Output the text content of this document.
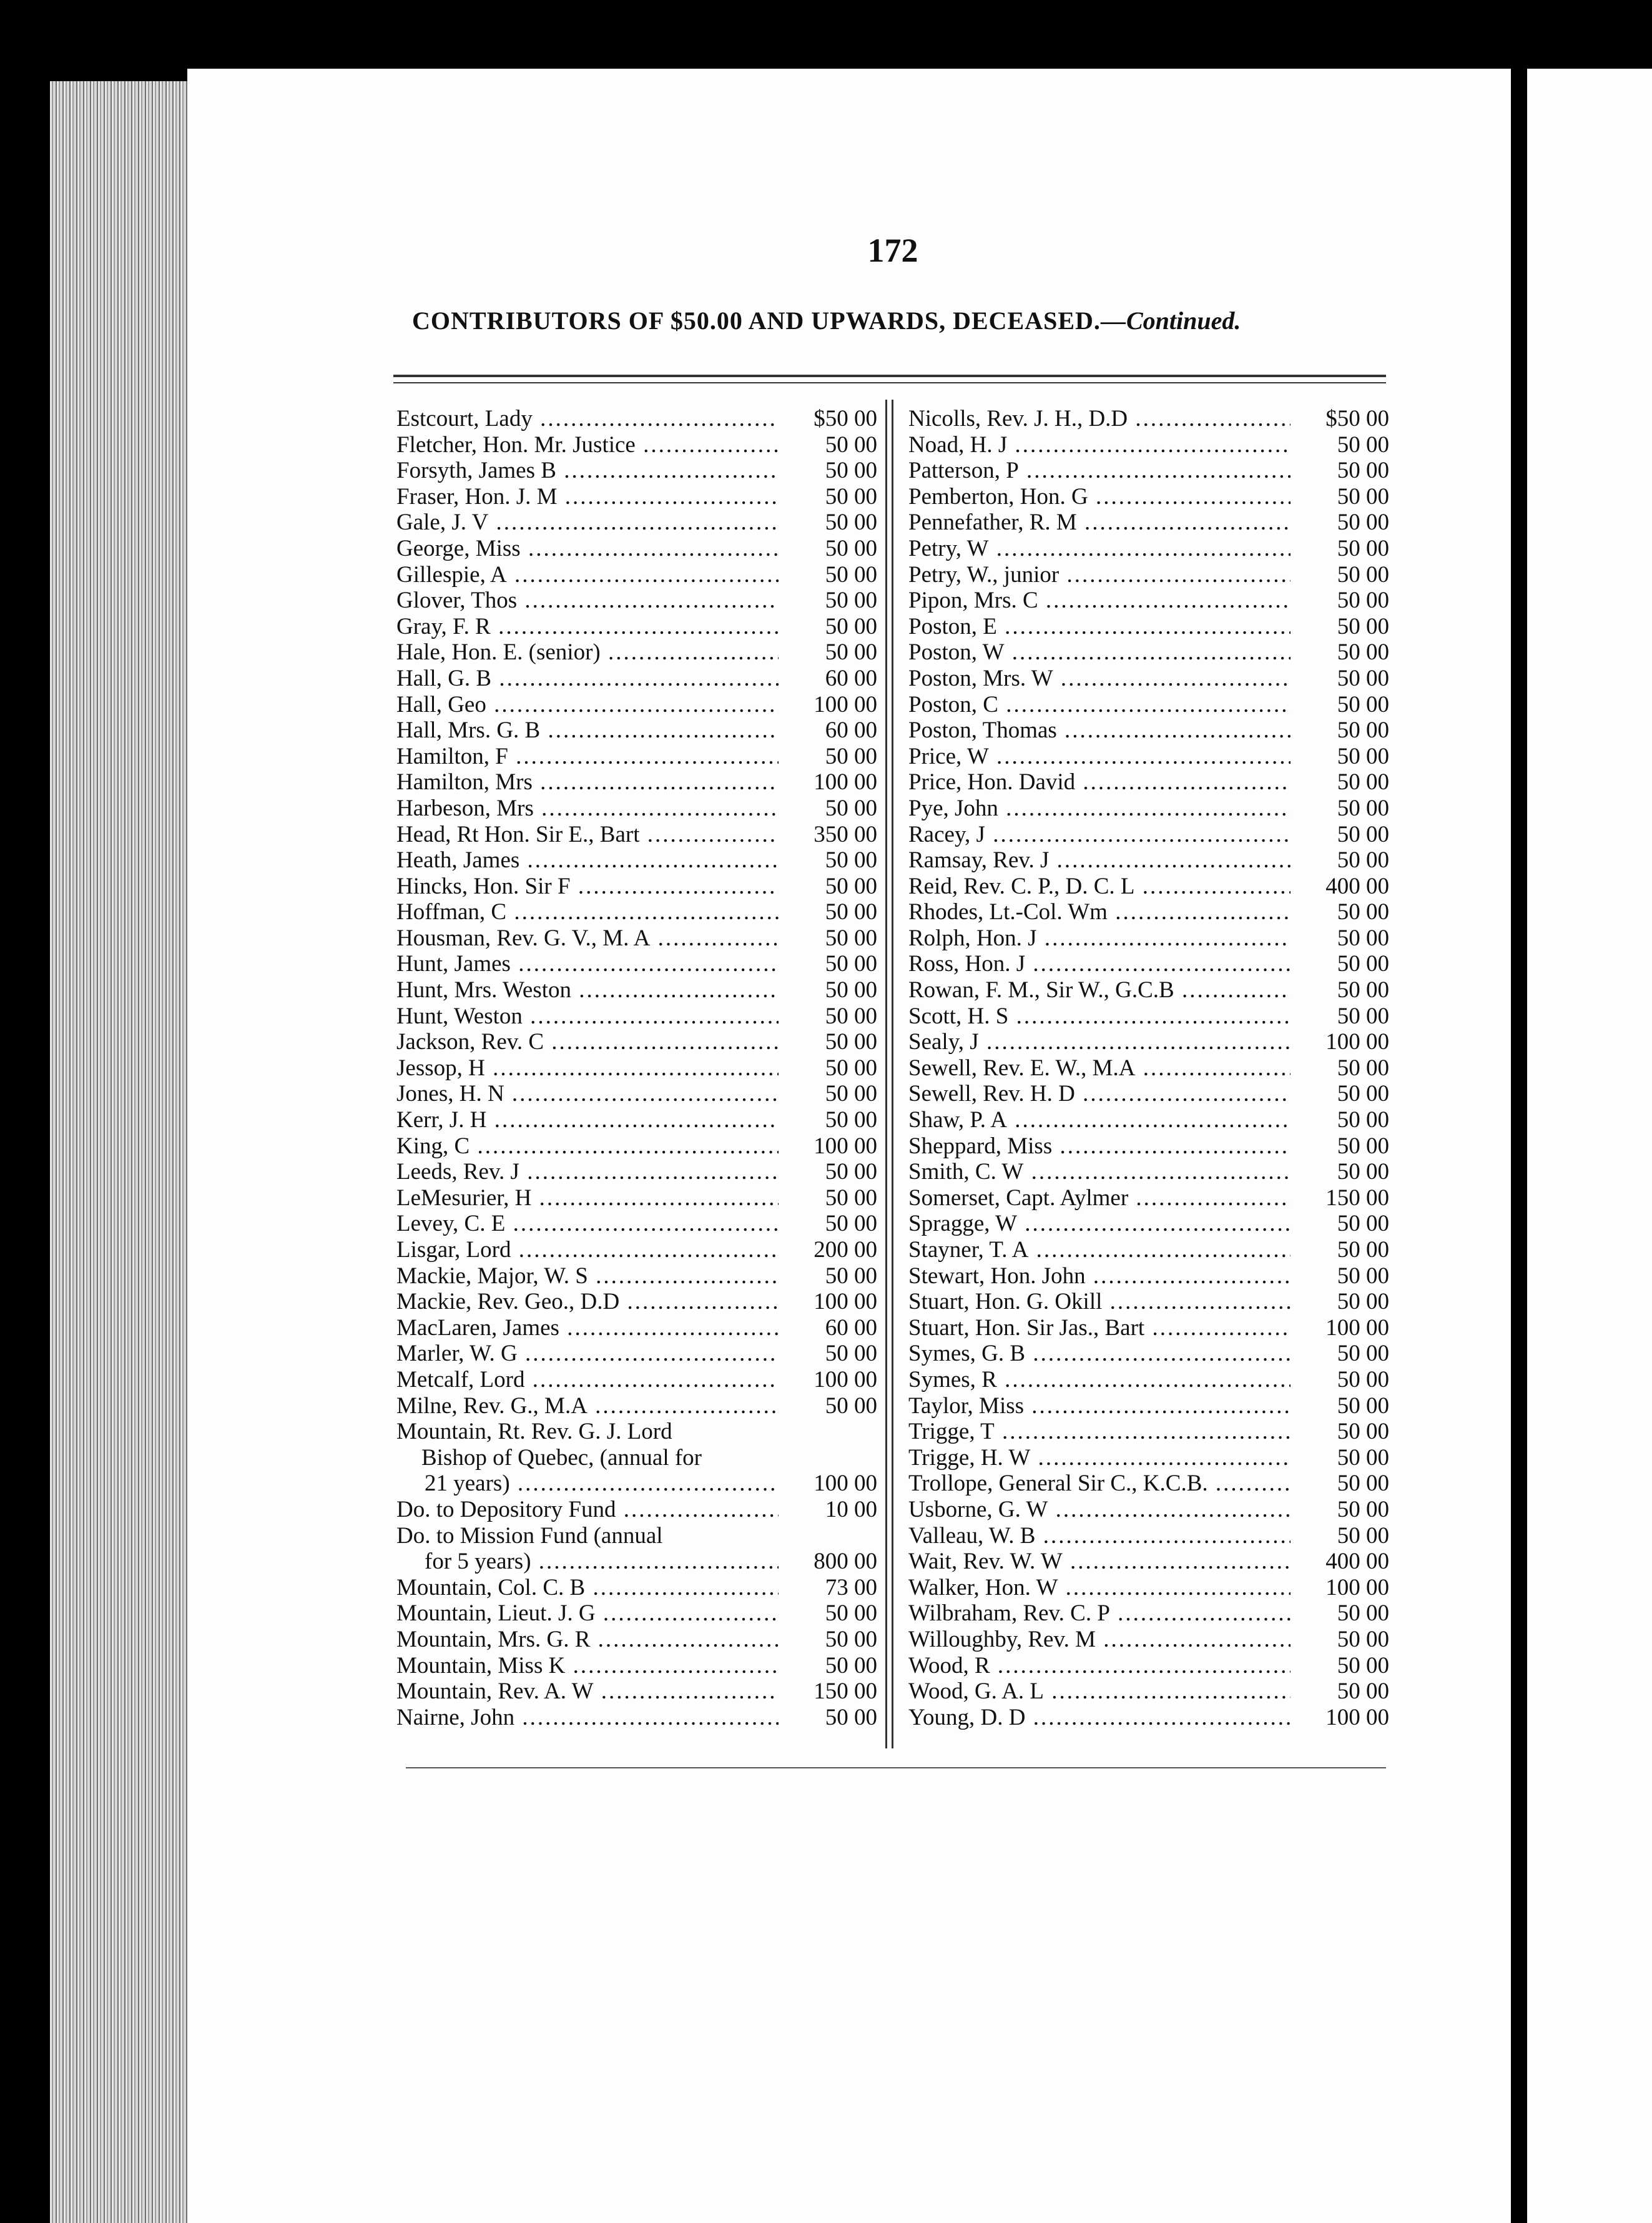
172
CONTRIBUTORS OF $50.00 AND UPWARDS, DECEASED.—Continued.
Estcourt, Lady .....	$50 00
Fletcher, Hon. Mr. Justice .....	50 00
Forsyth, James B .....	50 00
Fraser, Hon. J. M .....	50 00
Gale, J. V .....	50 00
George, Miss .....	50 00
Gillespie, A .....	50 00
Glover, Thos .....	50 00
Gray, F. R .....	50 00
Hale, Hon. E. (senior) .....	50 00
Hall, G. B .....	60 00
Hall, Geo .....	100 00
Hall, Mrs. G. B .....	60 00
Hamilton, F .....	50 00
Hamilton, Mrs .....	100 00
Harbeson, Mrs .....	50 00
Head, Rt Hon. Sir E., Bart .....	350 00
Heath, James .....	50 00
Hincks, Hon. Sir F .....	50 00
Hoffman, C .....	50 00
Housman, Rev. G. V., M. A .....	50 00
Hunt, James .....	50 00
Hunt, Mrs. Weston .....	50 00
Hunt, Weston .....	50 00
Jackson, Rev. C .....	50 00
Jessop, H .....	50 00
Jones, H. N .....	50 00
Kerr, J. H .....	50 00
King, C .....	100 00
Leeds, Rev. J .....	50 00
LeMesurier, H .....	50 00
Levey, C. E .....	50 00
Lisgar, Lord .....	200 00
Mackie, Major, W. S .....	50 00
Mackie, Rev. Geo., D.D .....	100 00
MacLaren, James .....	60 00
Marler, W. G .....	50 00
Metcalf, Lord .....	100 00
Milne, Rev. G., M.A .....	50 00
Mountain, Rt. Rev. G. J. Lord
Bishop of Quebec, (annual for
21 years) .....	100 00
Do. to Depository Fund .....	10 00
Do. to Mission Fund (annual
for 5 years) .....	800 00
Mountain, Col. C. B .....	73 00
Mountain, Lieut. J. G .....	50 00
Mountain, Mrs. G. R .....	50 00
Mountain, Miss K .....	50 00
Mountain, Rev. A. W .....	150 00
Nairne, John .....	50 00
Nicolls, Rev. J. H., D.D .....	$50 00
Noad, H. J .....	50 00
Patterson, P .....	50 00
Pemberton, Hon. G .....	50 00
Pennefather, R. M .....	50 00
Petry, W .....	50 00
Petry, W., junior .....	50 00
Pipon, Mrs. C .....	50 00
Poston, E .....	50 00
Poston, W .....	50 00
Poston, Mrs. W .....	50 00
Poston, C .....	50 00
Poston, Thomas .....	50 00
Price, W .....	50 00
Price, Hon. David .....	50 00
Pye, John .....	50 00
Racey, J .....	50 00
Ramsay, Rev. J .....	50 00
Reid, Rev. C. P., D. C. L .....	400 00
Rhodes, Lt.-Col. Wm .....	50 00
Rolph, Hon. J .....	50 00
Ross, Hon. J .....	50 00
Rowan, F. M., Sir W., G.C.B .....	50 00
Scott, H. S .....	50 00
Sealy, J .....	100 00
Sewell, Rev. E. W., M.A .....	50 00
Sewell, Rev. H. D .....	50 00
Shaw, P. A .....	50 00
Sheppard, Miss .....	50 00
Smith, C. W .....	50 00
Somerset, Capt. Aylmer .....	150 00
Spragge, W .....	50 00
Stayner, T. A .....	50 00
Stewart, Hon. John .....	50 00
Stuart, Hon. G. Okill .....	50 00
Stuart, Hon. Sir Jas., Bart .....	100 00
Symes, G. B .....	50 00
Symes, R .....	50 00
Taylor, Miss .....	50 00
Trigge, T .....	50 00
Trigge, H. W .....	50 00
Trollope, General Sir C., K.C.B. .....	50 00
Usborne, G. W .....	50 00
Valleau, W. B .....	50 00
Wait, Rev. W. W .....	400 00
Walker, Hon. W .....	100 00
Wilbraham, Rev. C. P .....	50 00
Willoughby, Rev. M .....	50 00
Wood, R .....	50 00
Wood, G. A. L .....	50 00
Young, D. D .....	100 00
